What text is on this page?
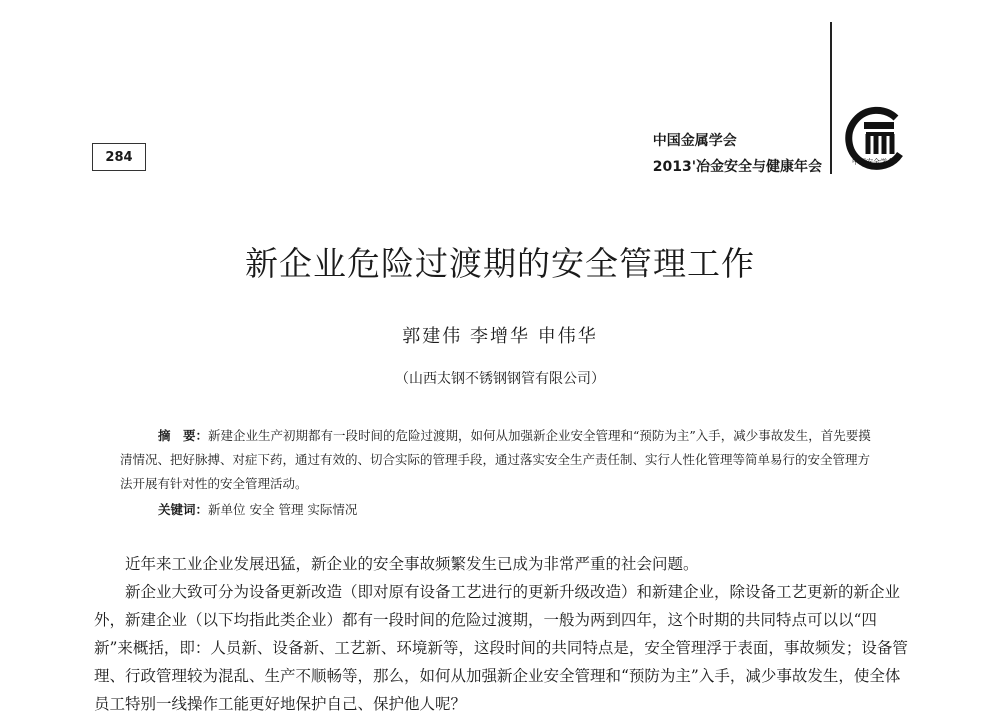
284
中国金属学会
2013'冶金安全与健康年会	中国安全学会
新企业危险过渡期的安全管理工作
郭建伟 李增华 申伟华
（山西太钢不锈钢钢管有限公司）

摘　要：新建企业生产初期都有一段时间的危险过渡期，如何从加强新企业安全管理和“预防为主”入手，减少事故发生，首先要摸清情况、把好脉搏、对症下药，通过有效的、切合实际的管理手段，通过落实安全生产责任制、实行人性化管理等简单易行的安全管理方法开展有针对性的安全管理活动。

关键词：新单位 安全 管理 实际情况

近年来工业企业发展迅猛，新企业的安全事故频繁发生已成为非常严重的社会问题。

新企业大致可分为设备更新改造（即对原有设备工艺进行的更新升级改造）和新建企业，除设备工艺更新的新企业外，新建企业（以下均指此类企业）都有一段时间的危险过渡期，一般为两到四年，这个时期的共同特点可以以“四新”来概括，即：人员新、设备新、工艺新、环境新等，这段时间的共同特点是，安全管理浮于表面，事故频发；设备管理、行政管理较为混乱、生产不顺畅等，那么，如何从加强新企业安全管理和“预防为主”入手，减少事故发生，使全体员工特别一线操作工能更好地保护自己、保护他人呢？
